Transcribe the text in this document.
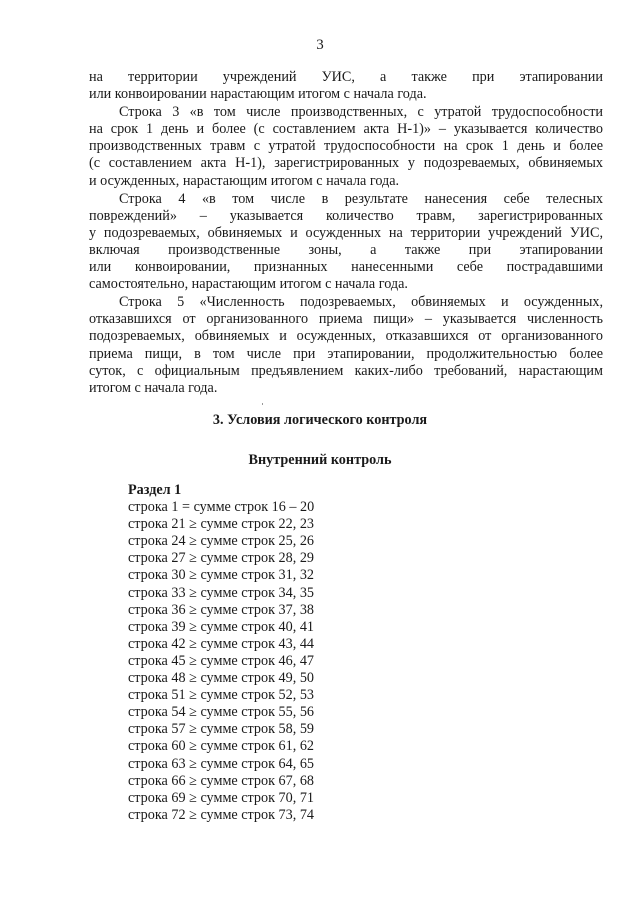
3

на территории учреждений УИС, а также при этапировании
или конвоировании нарастающим итогом с начала года.

Строка 3 «в том числе производственных, с утратой трудоспособности
на срок 1 день и более (с составлением акта Н-1)» – указывается количество
производственных травм с утратой трудоспособности на срок 1 день и более
(с составлением акта Н-1), зарегистрированных у подозреваемых, обвиняемых
и осужденных, нарастающим итогом с начала года.

Строка 4 «в том числе в результате нанесения себе телесных
повреждений» – указывается количество травм, зарегистрированных
у подозреваемых, обвиняемых и осужденных на территории учреждений УИС,
включая производственные зоны, а также при этапировании
или конвоировании, признанных нанесенными себе пострадавшими
самостоятельно, нарастающим итогом с начала года.

Строка 5 «Численность подозреваемых, обвиняемых и осужденных,
отказавшихся от организованного приема пищи» – указывается численность
подозреваемых, обвиняемых и осужденных, отказавшихся от организованного
приема пищи, в том числе при этапировании, продолжительностью более
суток, с официальным предъявлением каких-либо требований, нарастающим
итогом с начала года.

3. Условия логического контроля
Внутренний контроль
Раздел 1
строка 1 = сумме строк 16 – 20
строка 21 ≥ сумме строк 22, 23
строка 24 ≥ сумме строк 25, 26
строка 27 ≥ сумме строк 28, 29
строка 30 ≥ сумме строк 31, 32
строка 33 ≥ сумме строк 34, 35
строка 36 ≥ сумме строк 37, 38
строка 39 ≥ сумме строк 40, 41
строка 42 ≥ сумме строк 43, 44
строка 45 ≥ сумме строк 46, 47
строка 48 ≥ сумме строк 49, 50
строка 51 ≥ сумме строк 52, 53
строка 54 ≥ сумме строк 55, 56
строка 57 ≥ сумме строк 58, 59
строка 60 ≥ сумме строк 61, 62
строка 63 ≥ сумме строк 64, 65
строка 66 ≥ сумме строк 67, 68
строка 69 ≥ сумме строк 70, 71
строка 72 ≥ сумме строк 73, 74
